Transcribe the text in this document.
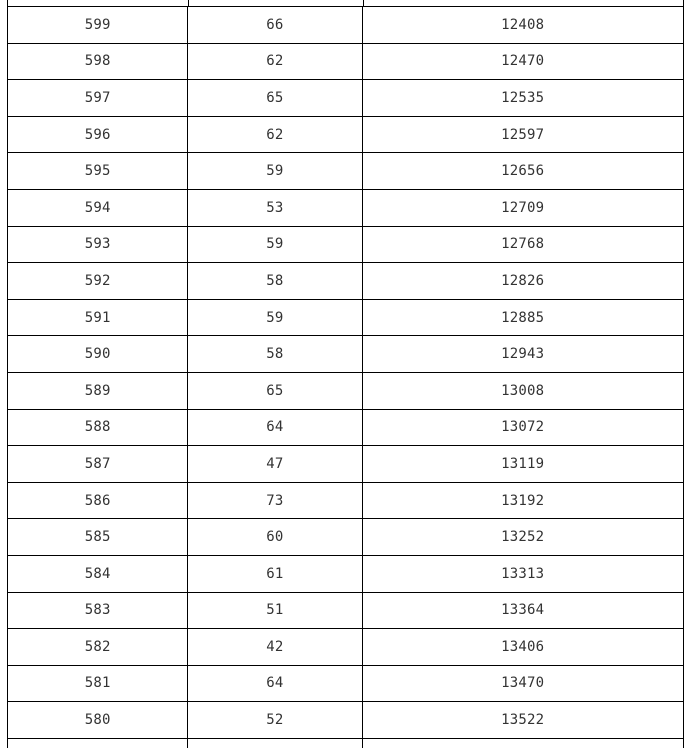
599	66	12408
598	62	12470
597	65	12535
596	62	12597
595	59	12656
594	53	12709
593	59	12768
592	58	12826
591	59	12885
590	58	12943
589	65	13008
588	64	13072
587	47	13119
586	73	13192
585	60	13252
584	61	13313
583	51	13364
582	42	13406
581	64	13470
580	52	13522
